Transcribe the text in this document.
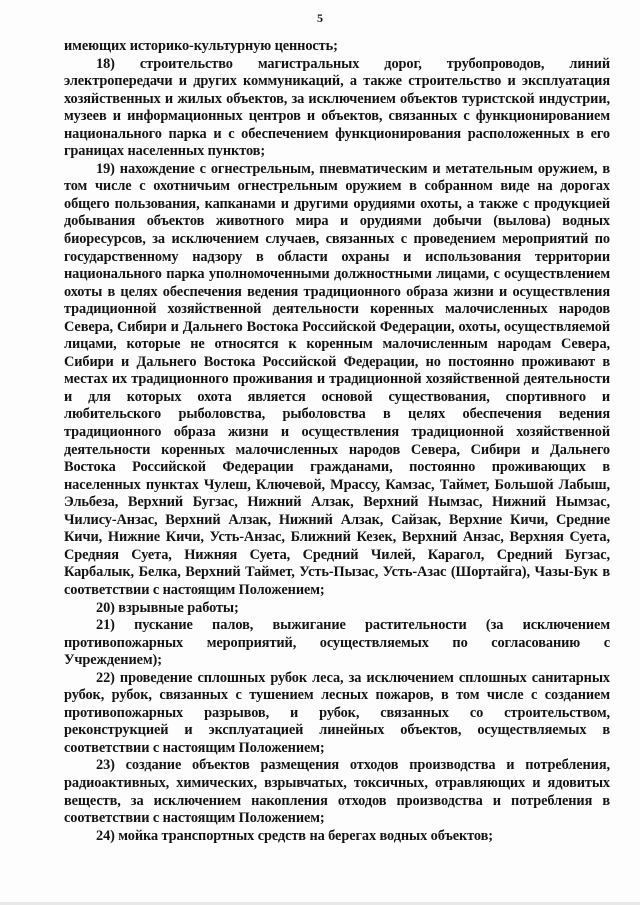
5

имеющих историко-культурную ценность;

18) строительство магистральных дорог, трубопроводов, линий электропередачи и других коммуникаций, а также строительство и эксплуатация хозяйственных и жилых объектов, за исключением объектов туристской индустрии, музеев и информационных центров и объектов, связанных с функционированием национального парка и с обеспечением функционирования расположенных в его границах населенных пунктов;

19) нахождение с огнестрельным, пневматическим и метательным оружием, в том числе с охотничьим огнестрельным оружием в собранном виде на дорогах общего пользования, капканами и другими орудиями охоты, а также с продукцией добывания объектов животного мира и орудиями добычи (вылова) водных биоресурсов, за исключением случаев, связанных с проведением мероприятий по государственному надзору в области охраны и использования территории национального парка уполномоченными должностными лицами, с осуществлением охоты в целях обеспечения ведения традиционного образа жизни и осуществления традиционной хозяйственной деятельности коренных малочисленных народов Севера, Сибири и Дальнего Востока Российской Федерации, охоты, осуществляемой лицами, которые не относятся к коренным малочисленным народам Севера, Сибири и Дальнего Востока Российской Федерации, но постоянно проживают в местах их традиционного проживания и традиционной хозяйственной деятельности и для которых охота является основой существования, спортивного и любительского рыболовства, рыболовства в целях обеспечения ведения традиционного образа жизни и осуществления традиционной хозяйственной деятельности коренных малочисленных народов Севера, Сибири и Дальнего Востока Российской Федерации гражданами, постоянно проживающих в населенных пунктах Чулеш, Ключевой, Мрассу, Камзас, Таймет, Большой Лабыш, Эльбеза, Верхний Бугзас, Нижний Алзак, Верхний Нымзас, Нижний Нымзас, Чилису-Анзас, Верхний Алзак, Нижний Алзак, Сайзак, Верхние Кичи, Средние Кичи, Нижние Кичи, Усть-Анзас, Ближний Кезек, Верхний Анзас, Верхняя Суета, Средняя Суета, Нижняя Суета, Средний Чилей, Карагол, Средний Бугзас, Карбалык, Белка, Верхний Таймет, Усть-Пызас, Усть-Азас (Шортайга), Чазы-Бук в соответствии с настоящим Положением;

20) взрывные работы;

21) пускание палов, выжигание растительности (за исключением противопожарных мероприятий, осуществляемых по согласованию с Учреждением);

22) проведение сплошных рубок леса, за исключением сплошных санитарных рубок, рубок, связанных с тушением лесных пожаров, в том числе с созданием противопожарных разрывов, и рубок, связанных со строительством, реконструкцией и эксплуатацией линейных объектов, осуществляемых в соответствии с настоящим Положением;

23) создание объектов размещения отходов производства и потребления, радиоактивных, химических, взрывчатых, токсичных, отравляющих и ядовитых веществ, за исключением накопления отходов производства и потребления в соответствии с настоящим Положением;

24) мойка транспортных средств на берегах водных объектов;
